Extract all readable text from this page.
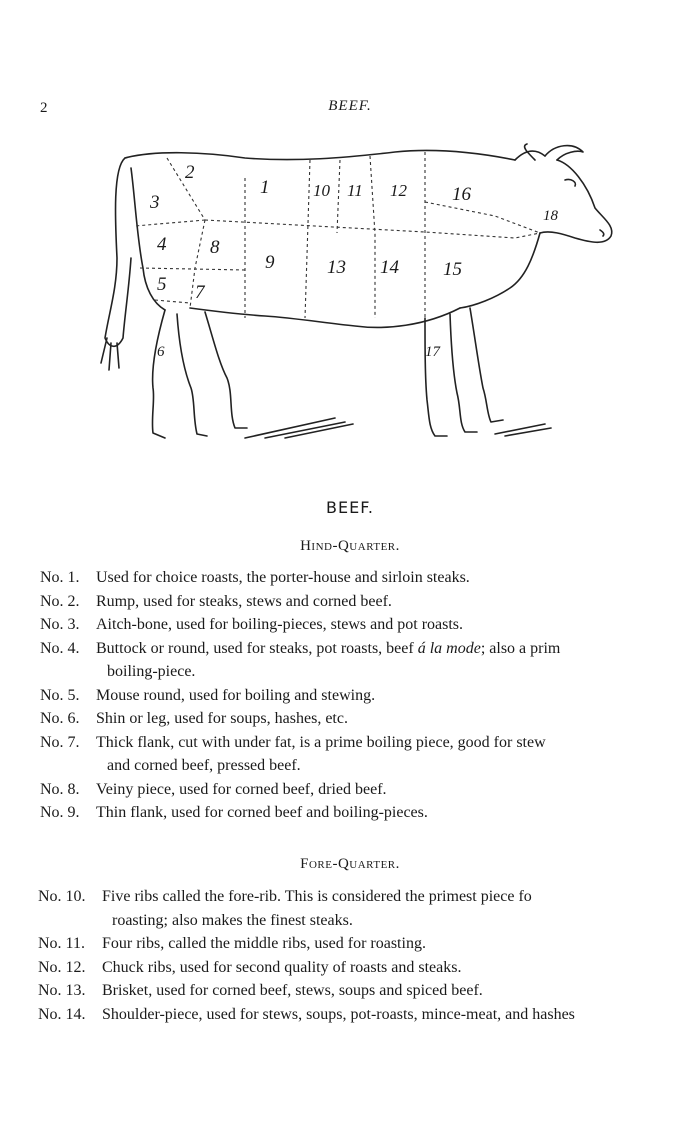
2	BEEF.
1
2
3
4
5
6
7
8
9
10 11 12
13 14 15
16
17
18
BEEF.
Hind-Quarter.
No. 1. Used for choice roasts, the porter-house and sirloin steaks.
No. 2. Rump, used for steaks, stews and corned beef.
No. 3. Aitch-bone, used for boiling-pieces, stews and pot roasts.
No. 4. Buttock or round, used for steaks, pot roasts, beef á la mode; also a prim
boiling-piece.
No. 5. Mouse round, used for boiling and stewing.
No. 6. Shin or leg, used for soups, hashes, etc.
No. 7. Thick flank, cut with under fat, is a prime boiling piece, good for stew
and corned beef, pressed beef.
No. 8. Veiny piece, used for corned beef, dried beef.
No. 9. Thin flank, used for corned beef and boiling-pieces.
Fore-Quarter.
No. 10. Five ribs called the fore-rib. This is considered the primest piece fo
roasting; also makes the finest steaks.
No. 11. Four ribs, called the middle ribs, used for roasting.
No. 12. Chuck ribs, used for second quality of roasts and steaks.
No. 13. Brisket, used for corned beef, stews, soups and spiced beef.
No. 14. Shoulder-piece, used for stews, soups, pot-roasts, mince-meat, and hashes
